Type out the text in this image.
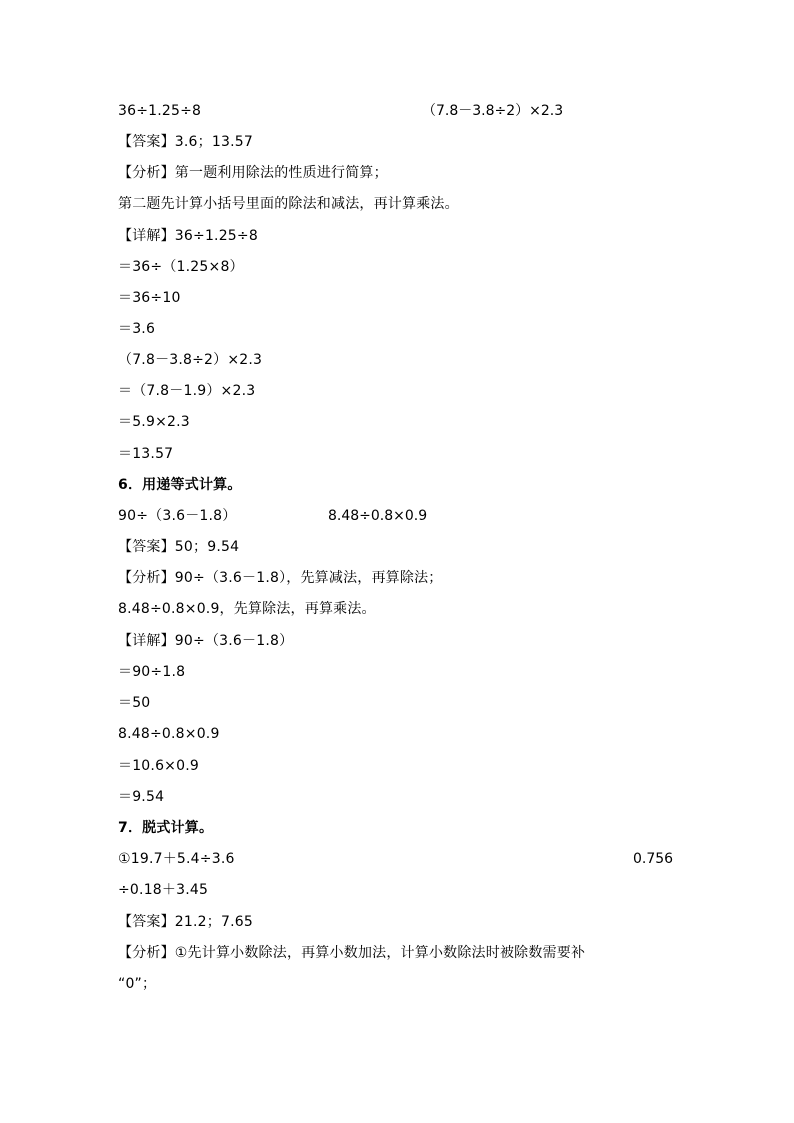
36÷1.25÷8	（7.8－3.8÷2）×2.3
【答案】3.6；13.57
【分析】第一题利用除法的性质进行简算；
第二题先计算小括号里面的除法和减法，再计算乘法。
【详解】36÷1.25÷8
＝36÷（1.25×8）
＝36÷10
＝3.6
（7.8－3.8÷2）×2.3
＝（7.8－1.9）×2.3
＝5.9×2.3
＝13.57
6．用递等式计算。
90÷（3.6－1.8）	8.48÷0.8×0.9
【答案】50；9.54
【分析】90÷（3.6－1.8），先算减法，再算除法；
8.48÷0.8×0.9，先算除法，再算乘法。
【详解】90÷（3.6－1.8）
＝90÷1.8
＝50
8.48÷0.8×0.9
＝10.6×0.9
＝9.54
7．脱式计算。
①19.7＋5.4÷3.6	0.756
÷0.18＋3.45
【答案】21.2；7.65
【分析】①先计算小数除法，再算小数加法，计算小数除法时被除数需要补
“0”；
